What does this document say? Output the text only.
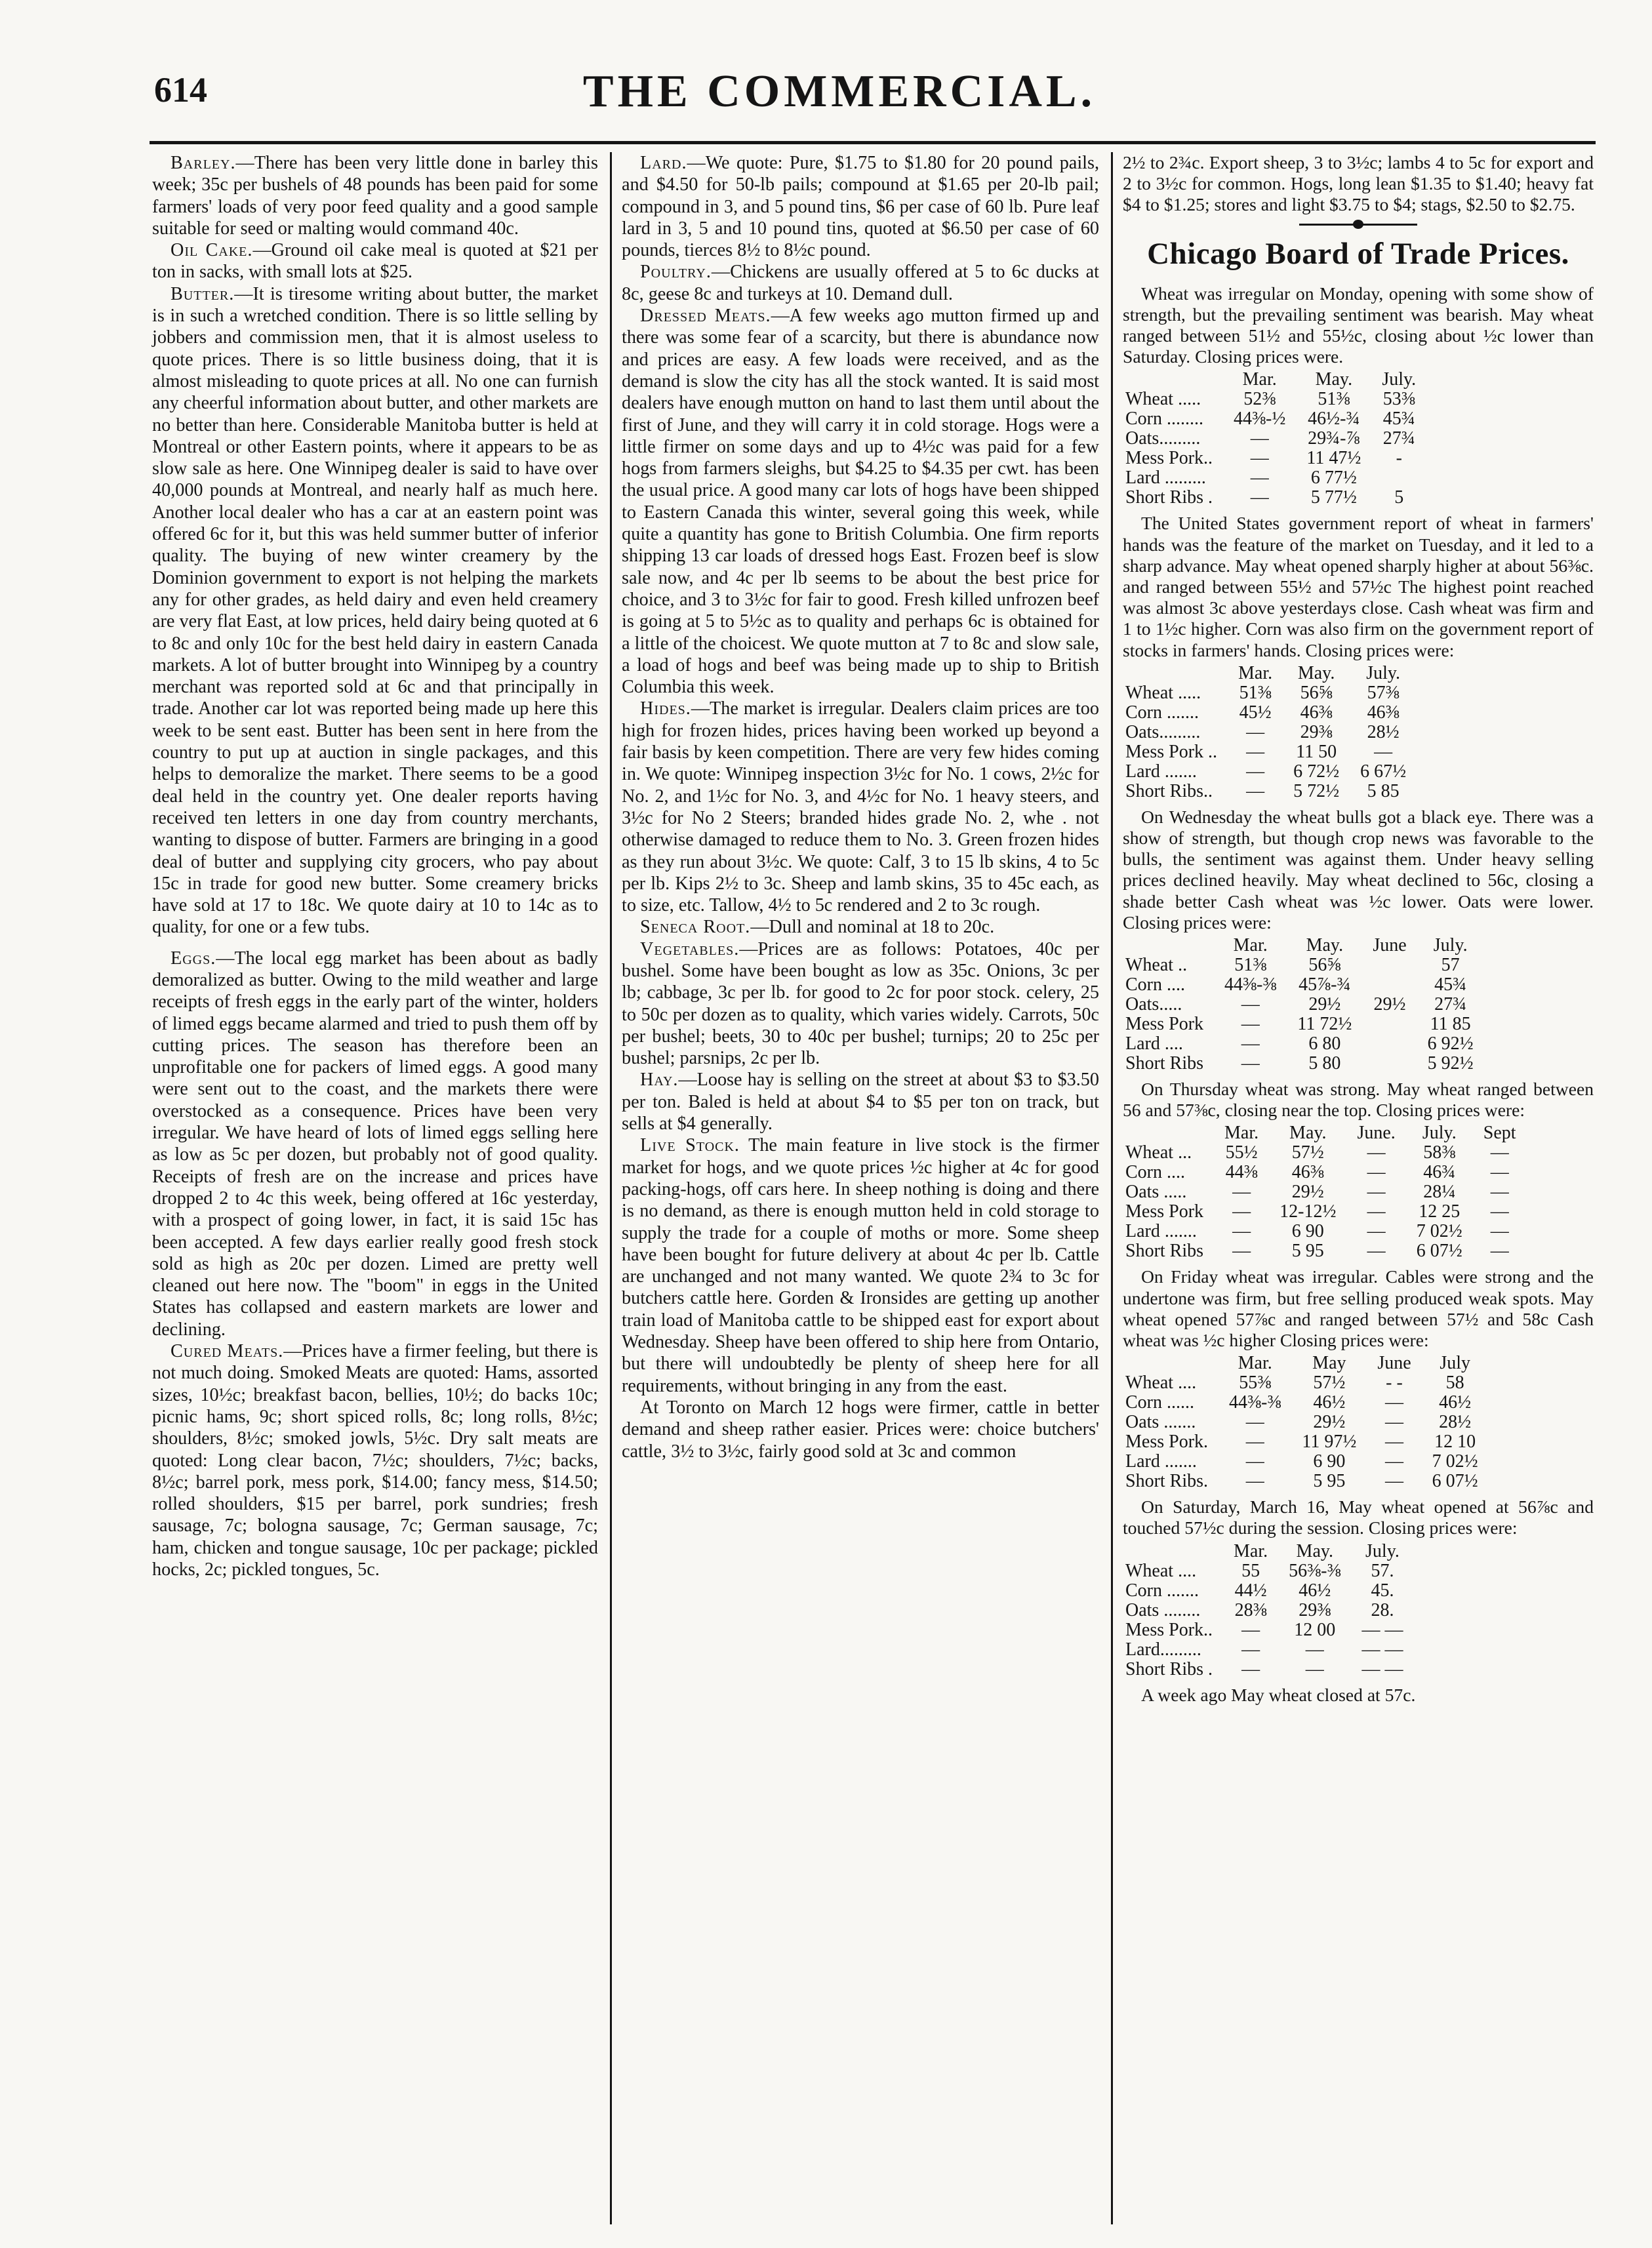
614	THE COMMERCIAL.

Barley.—There has been very little done in barley this week; 35c per bushels of 48 pounds has been paid for some farmers' loads of very poor feed quality and a good sample suitable for seed or malting would command 40c.

Oil Cake.—Ground oil cake meal is quoted at $21 per ton in sacks, with small lots at $25.

Butter.—It is tiresome writing about butter, the market is in such a wretched condition. There is so little selling by jobbers and commission men, that it is almost useless to quote prices. There is so little business doing, that it is almost misleading to quote prices at all. No one can furnish any cheerful information about butter, and other markets are no better than here. Considerable Manitoba butter is held at Montreal or other Eastern points, where it appears to be as slow sale as here. One Winnipeg dealer is said to have over 40,000 pounds at Montreal, and nearly half as much here. Another local dealer who has a car at an eastern point was offered 6c for it, but this was held summer butter of inferior quality. The buying of new winter creamery by the Dominion government to export is not helping the markets any for other grades, as held dairy and even held creamery are very flat East, at low prices, held dairy being quoted at 6 to 8c and only 10c for the best held dairy in eastern Canada markets. A lot of butter brought into Winnipeg by a country merchant was reported sold at 6c and that principally in trade. Another car lot was reported being made up here this week to be sent east. Butter has been sent in here from the country to put up at auction in single packages, and this helps to demoralize the market. There seems to be a good deal held in the country yet. One dealer reports having received ten letters in one day from country merchants, wanting to dispose of butter. Farmers are bringing in a good deal of butter and supplying city grocers, who pay about 15c in trade for good new butter. Some creamery bricks have sold at 17 to 18c. We quote dairy at 10 to 14c as to quality, for one or a few tubs.

Eggs.—The local egg market has been about as badly demoralized as butter. Owing to the mild weather and large receipts of fresh eggs in the early part of the winter, holders of limed eggs became alarmed and tried to push them off by cutting prices. The season has therefore been an unprofitable one for packers of limed eggs. A good many were sent out to the coast, and the markets there were overstocked as a consequence. Prices have been very irregular. We have heard of lots of limed eggs selling here as low as 5c per dozen, but probably not of good quality. Receipts of fresh are on the increase and prices have dropped 2 to 4c this week, being offered at 16c yesterday, with a prospect of going lower, in fact, it is said 15c has been accepted. A few days earlier really good fresh stock sold as high as 20c per dozen. Limed are pretty well cleaned out here now. The "boom" in eggs in the United States has collapsed and eastern markets are lower and declining.

Cured Meats.—Prices have a firmer feeling, but there is not much doing. Smoked Meats are quoted: Hams, assorted sizes, 10½c; breakfast bacon, bellies, 10½; do backs 10c; picnic hams, 9c; short spiced rolls, 8c; long rolls, 8½c; shoulders, 8½c; smoked jowls, 5½c. Dry salt meats are quoted: Long clear bacon, 7½c; shoulders, 7½c; backs, 8½c; barrel pork, mess pork, $14.00; fancy mess, $14.50; rolled shoulders, $15 per barrel, pork sundries; fresh sausage, 7c; bologna sausage, 7c; German sausage, 7c; ham, chicken and tongue sausage, 10c per package; pickled hocks, 2c; pickled tongues, 5c.

Lard.—We quote: Pure, $1.75 to $1.80 for 20 pound pails, and $4.50 for 50-lb pails; compound at $1.65 per 20-lb pail; compound in 3, and 5 pound tins, $6 per case of 60 lb. Pure leaf lard in 3, 5 and 10 pound tins, quoted at $6.50 per case of 60 pounds, tierces 8½ to 8½c pound.

Poultry.—Chickens are usually offered at 5 to 6c ducks at 8c, geese 8c and turkeys at 10. Demand dull.

Dressed Meats.—A few weeks ago mutton firmed up and there was some fear of a scarcity, but there is abundance now and prices are easy. A few loads were received, and as the demand is slow the city has all the stock wanted. It is said most dealers have enough mutton on hand to last them until about the first of June, and they will carry it in cold storage. Hogs were a little firmer on some days and up to 4½c was paid for a few hogs from farmers sleighs, but $4.25 to $4.35 per cwt. has been the usual price. A good many car lots of hogs have been shipped to Eastern Canada this winter, several going this week, while quite a quantity has gone to British Columbia. One firm reports shipping 13 car loads of dressed hogs East. Frozen beef is slow sale now, and 4c per lb seems to be about the best price for choice, and 3 to 3½c for fair to good. Fresh killed unfrozen beef is going at 5 to 5½c as to quality and perhaps 6c is obtained for a little of the choicest. We quote mutton at 7 to 8c and slow sale, a load of hogs and beef was being made up to ship to British Columbia this week.

Hides.—The market is irregular. Dealers claim prices are too high for frozen hides, prices having been worked up beyond a fair basis by keen competition. There are very few hides coming in. We quote: Winnipeg inspection 3½c for No. 1 cows, 2½c for No. 2, and 1½c for No. 3, and 4½c for No. 1 heavy steers, and 3½c for No 2 Steers; branded hides grade No. 2, whe . not otherwise damaged to reduce them to No. 3. Green frozen hides as they run about 3½c. We quote: Calf, 3 to 15 lb skins, 4 to 5c per lb. Kips 2½ to 3c. Sheep and lamb skins, 35 to 45c each, as to size, etc. Tallow, 4½ to 5c rendered and 2 to 3c rough.

Seneca Root.—Dull and nominal at 18 to 20c.

Vegetables.—Prices are as follows: Potatoes, 40c per bushel. Some have been bought as low as 35c. Onions, 3c per lb; cabbage, 3c per lb. for good to 2c for poor stock. celery, 25 to 50c per dozen as to quality, which varies widely. Carrots, 50c per bushel; beets, 30 to 40c per bushel; turnips; 20 to 25c per bushel; parsnips, 2c per lb.

Hay.—Loose hay is selling on the street at about $3 to $3.50 per ton. Baled is held at about $4 to $5 per ton on track, but sells at $4 generally.

Live Stock. The main feature in live stock is the firmer market for hogs, and we quote prices ½c higher at 4c for good packing-hogs, off cars here. In sheep nothing is doing and there is no demand, as there is enough mutton held in cold storage to supply the trade for a couple of moths or more. Some sheep have been bought for future delivery at about 4c per lb. Cattle are unchanged and not many wanted. We quote 2¾ to 3c for butchers cattle here. Gorden & Ironsides are getting up another train load of Manitoba cattle to be shipped east for export about Wednesday. Sheep have been offered to ship here from Ontario, but there will undoubtedly be plenty of sheep here for all requirements, without bringing in any from the east.

At Toronto on March 12 hogs were firmer, cattle in better demand and sheep rather easier. Prices were: choice butchers' cattle, 3½ to 3½c, fairly good sold at 3c and common

2½ to 2¾c. Export sheep, 3 to 3½c; lambs 4 to 5c for export and 2 to 3½c for common. Hogs, long lean $1.35 to $1.40; heavy fat $4 to $1.25; stores and light $3.75 to $4; stags, $2.50 to $2.75.

Chicago Board of Trade Prices.

Wheat was irregular on Monday, opening with some show of strength, but the prevailing sentiment was bearish. May wheat ranged between 51½ and 55½c, closing about ½c lower than Saturday. Closing prices were.

	Mar.	May.	July.
Wheat .....	52⅜	51⅜	53⅜
Corn ........	44⅜-½	46½-¾	45¾
Oats.........	—	29¾-⅞	27¾
Mess Pork..	—	11 47½	-
Lard .........	—	6 77½	
Short Ribs .	—	5 77½	5

The United States government report of wheat in farmers' hands was the feature of the market on Tuesday, and it led to a sharp advance. May wheat opened sharply higher at about 56⅜c. and ranged between 55½ and 57½c The highest point reached was almost 3c above yesterdays close. Cash wheat was firm and 1 to 1½c higher. Corn was also firm on the government report of stocks in farmers' hands. Closing prices were:

	Mar.	May.	July.
Wheat .....	51⅜	56⅝	57⅜
Corn .......	45½	46⅜	46⅜
Oats.........	—	29⅜	28½
Mess Pork ..	—	11 50	—
Lard .......	—	6 72½	6 67½
Short Ribs..	—	5 72½	5 85

On Wednesday the wheat bulls got a black eye. There was a show of strength, but though crop news was favorable to the bulls, the sentiment was against them. Under heavy selling prices declined heavily. May wheat declined to 56c, closing a shade better Cash wheat was ½c lower. Oats were lower. Closing prices were:

	Mar.	May.	June	July.
Wheat ..	51⅜	56⅝		57
Corn ....	44⅜-⅜	45⅞-¾		45¾
Oats.....	—	29½	29½	27¾
Mess Pork	—	11 72½		11 85
Lard ....	—	6 80		6 92½
Short Ribs	—	5 80		5 92½

On Thursday wheat was strong. May wheat ranged between 56 and 57⅜c, closing near the top. Closing prices were:

	Mar.	May.	June.	July.	Sept
Wheat ...	55½	57½	—	58⅜	—
Corn ....	44⅜	46⅜	—	46¾	—
Oats .....	—	29½	—	28¼	—
Mess Pork	—	12-12½	—	12 25	—
Lard .......	—	6 90	—	7 02½	—
Short Ribs	—	5 95	—	6 07½	—

On Friday wheat was irregular. Cables were strong and the undertone was firm, but free selling produced weak spots. May wheat opened 57⅞c and ranged between 57½ and 58c Cash wheat was ½c higher Closing prices were:

	Mar.	May	June	July
Wheat ....	55⅜	57½	- -	58
Corn ......	44⅜-⅜	46½	—	46½
Oats .......	—	29½	—	28½
Mess Pork.	—	11 97½	—	12 10
Lard .......	—	6 90	—	7 02½
Short Ribs.	—	5 95	—	6 07½

On Saturday, March 16, May wheat opened at 56⅞c and touched 57½c during the session. Closing prices were:

	Mar.	May.	July.
Wheat ....	55	56⅜-⅜	57.
Corn .......	44½	46½	45.
Oats ........	28⅜	29⅜	28.
Mess Pork..	—	12 00	— —
Lard.........	—	—	— —
Short Ribs .	—	—	— —

A week ago May wheat closed at 57c.
